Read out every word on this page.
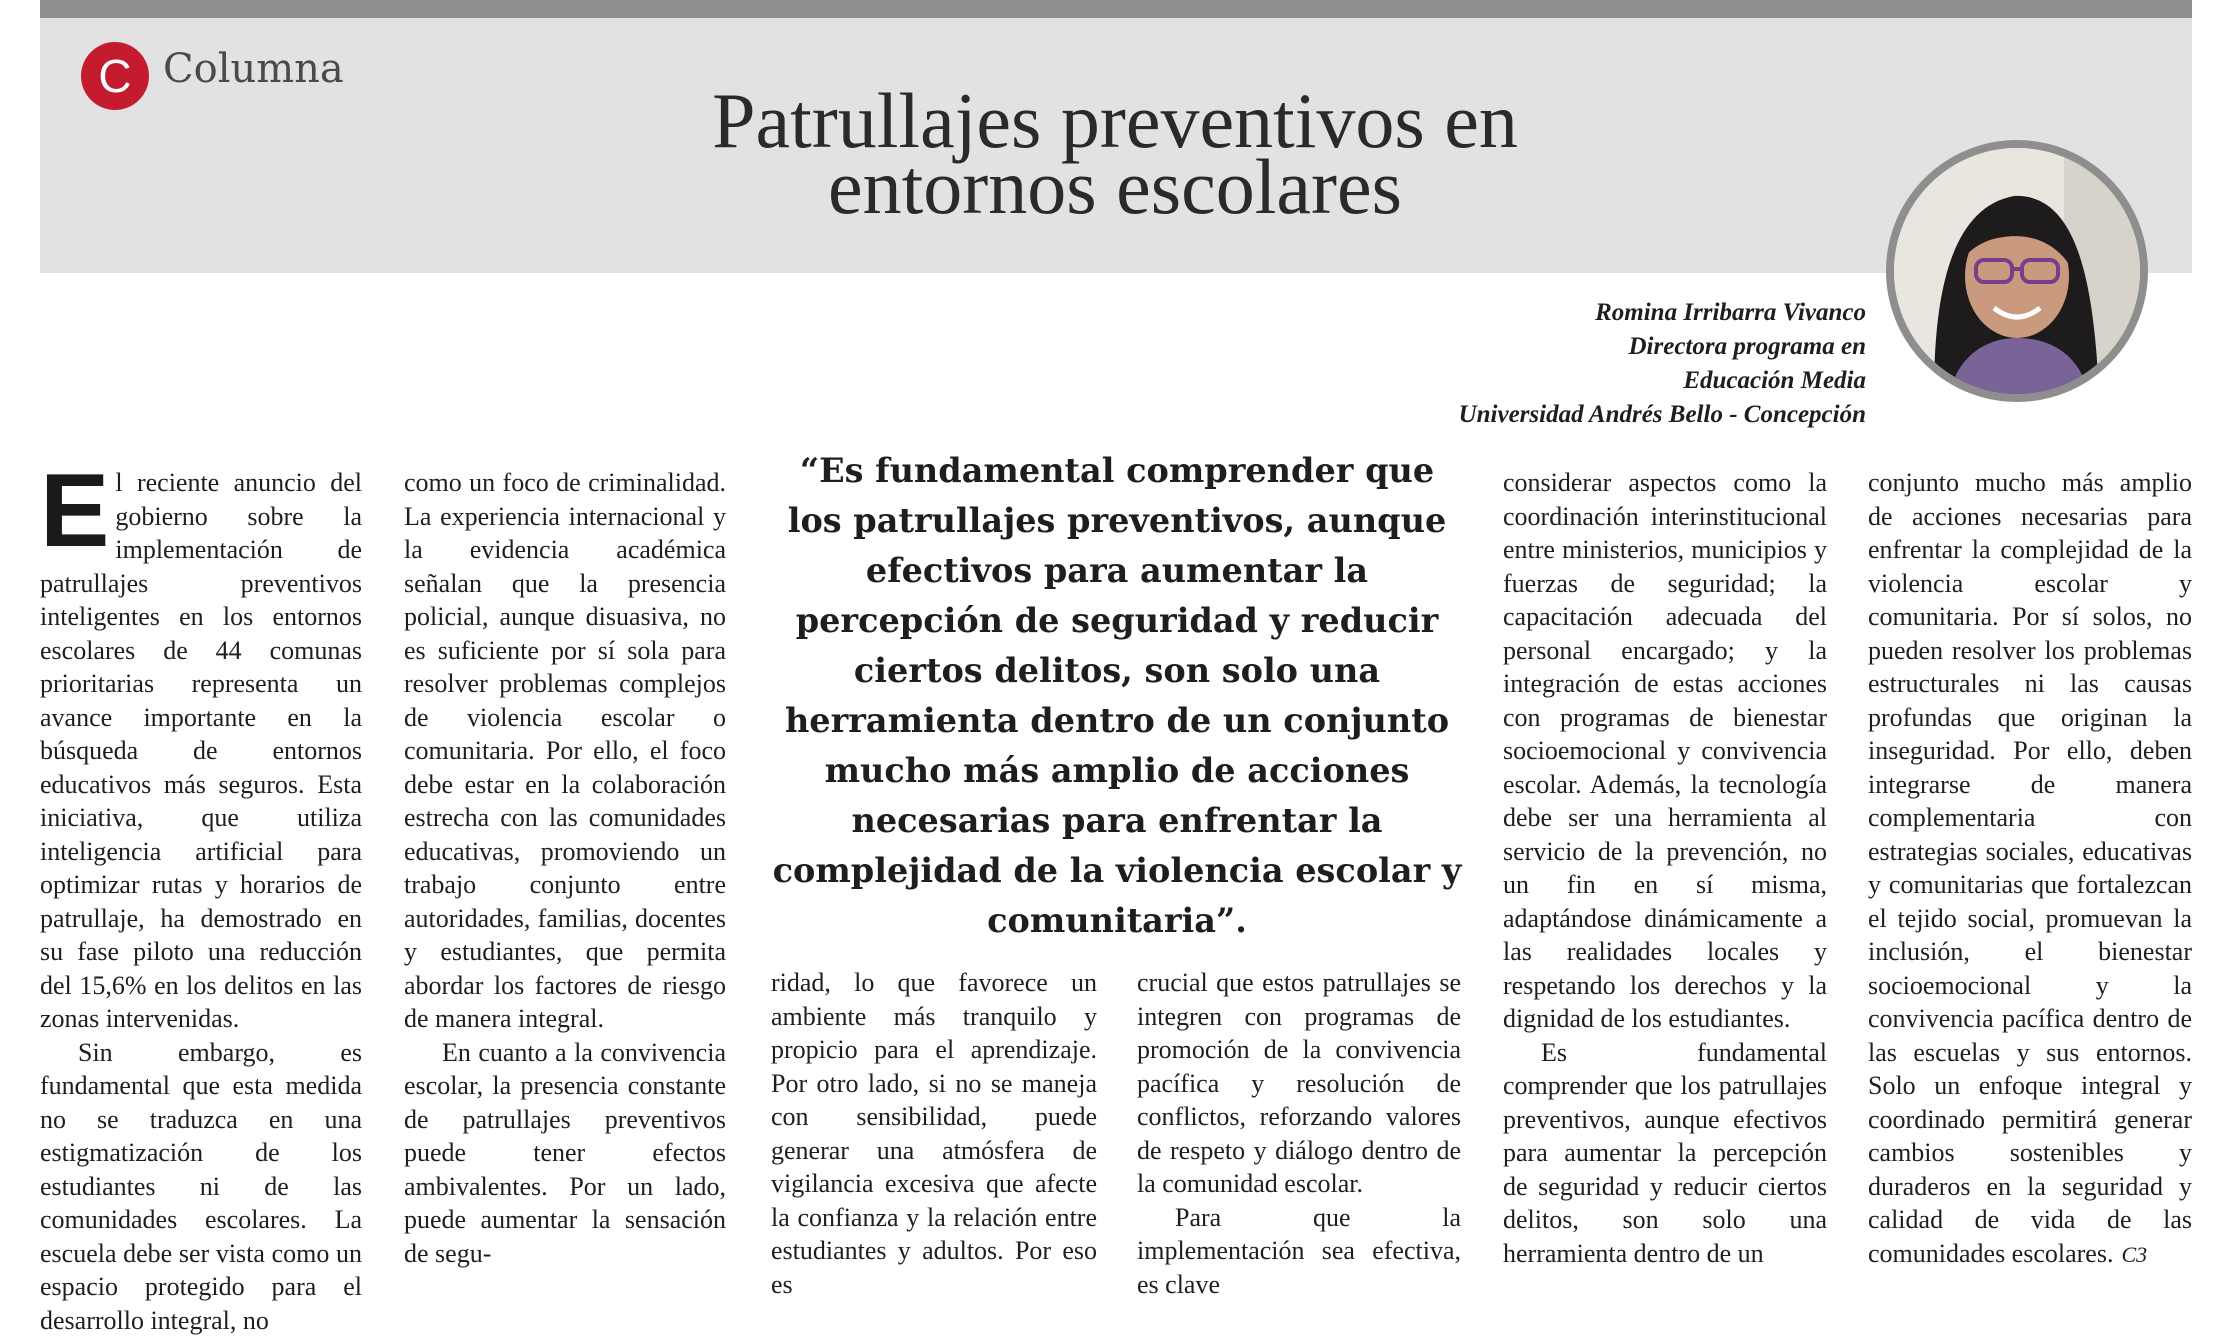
C Columna
Patrullajes preventivos en
entornos escolares
Romina Irribarra Vivanco
Directora programa en
Educación Media
Universidad Andrés Bello - Concepción

El reciente anuncio del gobierno sobre la implementación de patrullajes preventivos inteligentes en los entornos escolares de 44 comunas prioritarias representa un avance importante en la búsqueda de entornos educativos más seguros. Esta iniciativa, que utiliza inteligencia artificial para optimizar rutas y horarios de patrullaje, ha demostrado en su fase piloto una reducción del 15,6% en los delitos en las zonas intervenidas.

Sin embargo, es fundamental que esta medida no se traduzca en una estigmatización de los estudiantes ni de las comunidades escolares. La escuela debe ser vista como un espacio protegido para el desarrollo integral, no

como un foco de criminalidad. La experiencia internacional y la evidencia académica señalan que la presencia policial, aunque disuasiva, no es suficiente por sí sola para resolver problemas complejos de violencia escolar o comunitaria. Por ello, el foco debe estar en la colaboración estrecha con las comunidades educativas, promoviendo un trabajo conjunto entre autoridades, familias, docentes y estudiantes, que permita abordar los factores de riesgo de manera integral.

En cuanto a la convivencia escolar, la presencia constante de patrullajes preventivos puede tener efectos ambivalentes. Por un lado, puede aumentar la sensación de segu-

“Es fundamental comprender que los patrullajes preventivos, aunque efectivos para aumentar la percepción de seguridad y reducir ciertos delitos, son solo una herramienta dentro de un conjunto mucho más amplio de acciones necesarias para enfrentar la complejidad de la violencia escolar y comunitaria”.

ridad, lo que favorece un ambiente más tranquilo y propicio para el aprendizaje. Por otro lado, si no se maneja con sensibilidad, puede generar una atmósfera de vigilancia excesiva que afecte la confianza y la relación entre estudiantes y adultos. Por eso es

crucial que estos patrullajes se integren con programas de promoción de la convivencia pacífica y resolución de conflictos, reforzando valores de respeto y diálogo dentro de la comunidad escolar.

Para que la implementación sea efectiva, es clave

considerar aspectos como la coordinación interinstitucional entre ministerios, municipios y fuerzas de seguridad; la capacitación adecuada del personal encargado; y la integración de estas acciones con programas de bienestar socioemocional y convivencia escolar. Además, la tecnología debe ser una herramienta al servicio de la prevención, no un fin en sí misma, adaptándose dinámicamente a las realidades locales y respetando los derechos y la dignidad de los estudiantes.

Es fundamental comprender que los patrullajes preventivos, aunque efectivos para aumentar la percepción de seguridad y reducir ciertos delitos, son solo una herramienta dentro de un

conjunto mucho más amplio de acciones necesarias para enfrentar la complejidad de la violencia escolar y comunitaria. Por sí solos, no pueden resolver los problemas estructurales ni las causas profundas que originan la inseguridad. Por ello, deben integrarse de manera complementaria con estrategias sociales, educativas y comunitarias que fortalezcan el tejido social, promuevan la inclusión, el bienestar socioemocional y la convivencia pacífica dentro de las escuelas y sus entornos. Solo un enfoque integral y coordinado permitirá generar cambios sostenibles y duraderos en la seguridad y calidad de vida de las comunidades escolares. C3
